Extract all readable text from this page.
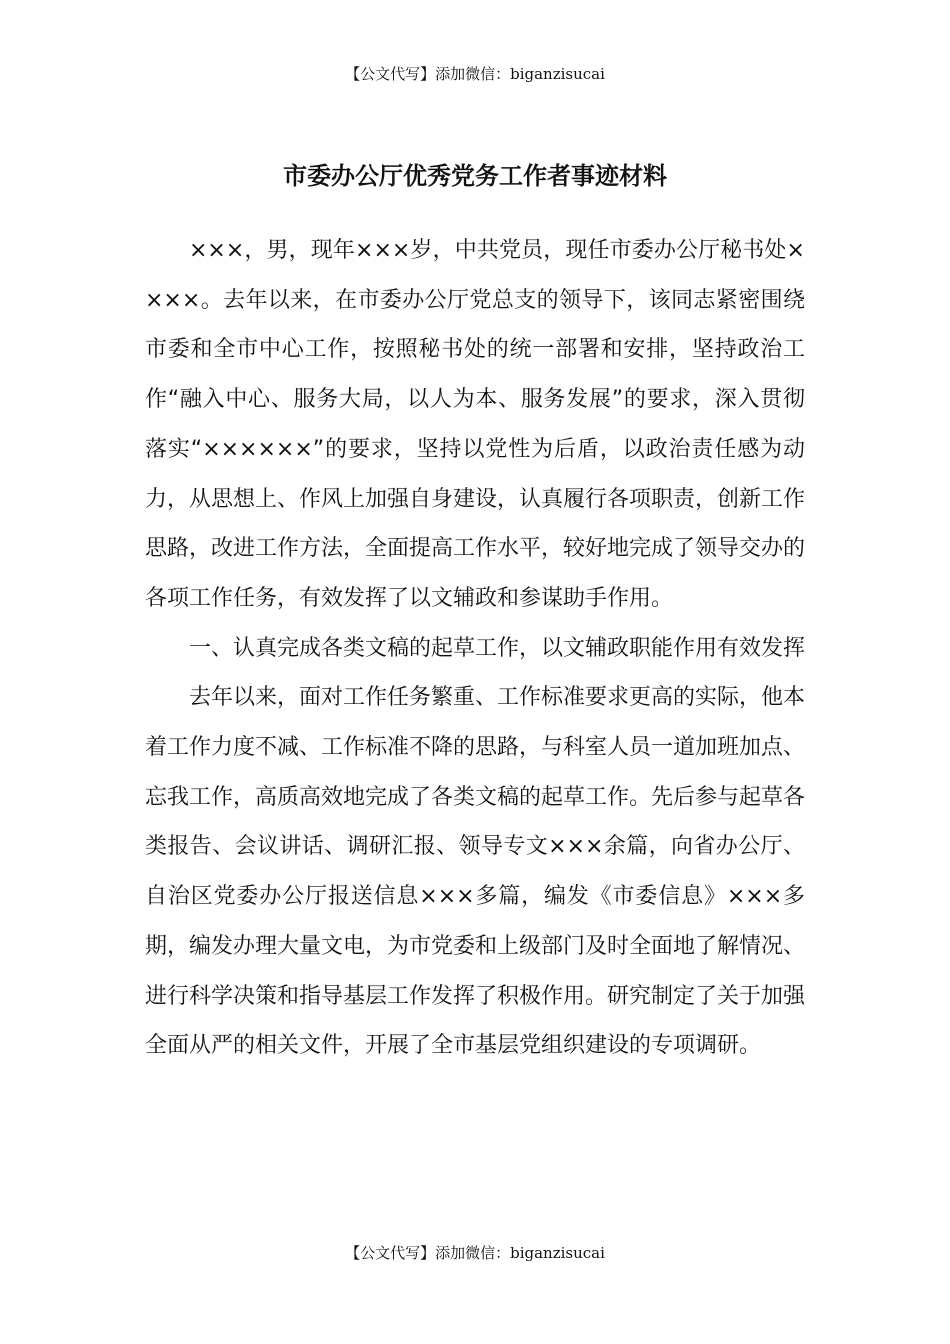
【公文代写】添加微信：biganzisucai
市委办公厅优秀党务工作者事迹材料

×××，男，现年×××岁，中共党员，现任市委办公厅秘书处××××。去年以来，在市委办公厅党总支的领导下，该同志紧密围绕市委和全市中心工作，按照秘书处的统一部署和安排，坚持政治工作“融入中心、服务大局，以人为本、服务发展”的要求，深入贯彻落实“××××××”的要求，坚持以党性为后盾，以政治责任感为动力，从思想上、作风上加强自身建设，认真履行各项职责，创新工作思路，改进工作方法，全面提高工作水平，较好地完成了领导交办的各项工作任务，有效发挥了以文辅政和参谋助手作用。

一、认真完成各类文稿的起草工作，以文辅政职能作用有效发挥

去年以来，面对工作任务繁重、工作标准要求更高的实际，他本着工作力度不减、工作标准不降的思路，与科室人员一道加班加点、忘我工作，高质高效地完成了各类文稿的起草工作。先后参与起草各类报告、会议讲话、调研汇报、领导专文×××余篇，向省办公厅、自治区党委办公厅报送信息×××多篇，编发《市委信息》×××多期，编发办理大量文电，为市党委和上级部门及时全面地了解情况、进行科学决策和指导基层工作发挥了积极作用。研究制定了关于加强全面从严的相关文件，开展了全市基层党组织建设的专项调研。

【公文代写】添加微信：biganzisucai
